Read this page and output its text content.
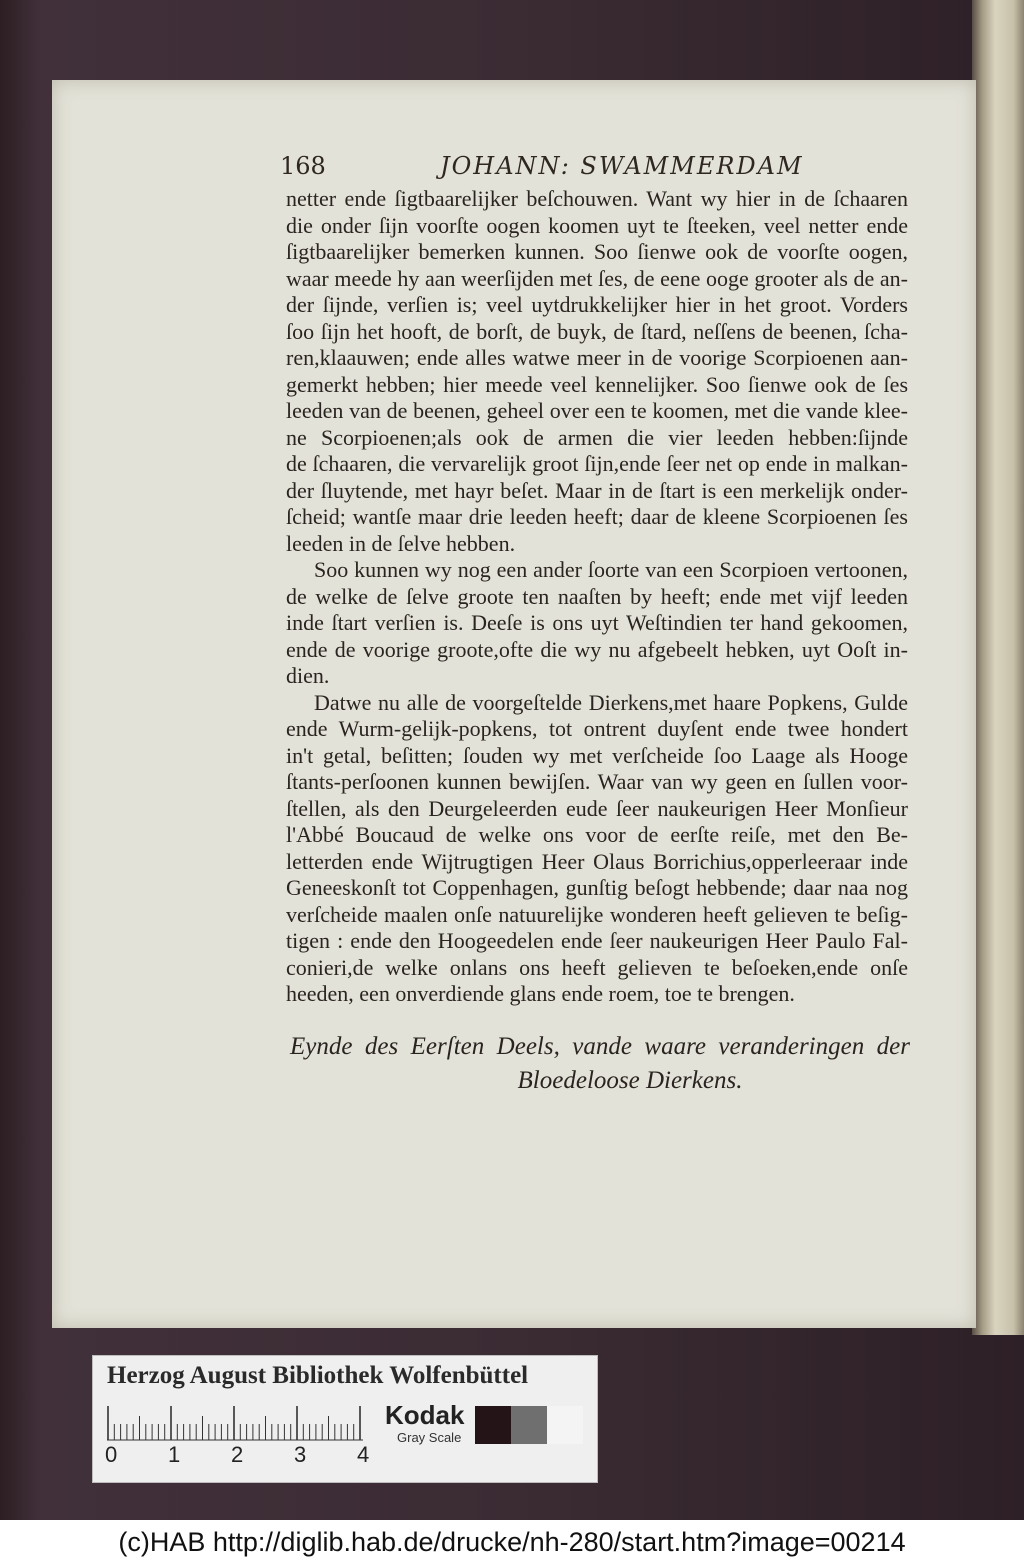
168	JOHANN: SWAMMERDAM
netter ende ſigtbaarelijker beſchouwen. Want wy hier in de ſchaaren
die onder ſijn voorſte oogen koomen uyt te ſteeken, veel netter ende
ſigtbaarelijker bemerken kunnen. Soo ſienwe ook de voorſte oogen,
waar meede hy aan weerſijden met ſes, de eene ooge grooter als de an-
der ſijnde, verſien is; veel uytdrukkelijker hier in het groot. Vorders
ſoo ſijn het hooft, de borſt, de buyk, de ſtard, neſſens de beenen, ſcha-
ren,klaauwen; ende alles watwe meer in de voorige Scorpioenen aan-
gemerkt hebben; hier meede veel kennelijker. Soo ſienwe ook de ſes
leeden van de beenen, geheel over een te koomen, met die vande klee-
ne Scorpioenen;als ook de armen die vier leeden hebben:ſijnde
de ſchaaren, die vervarelijk groot ſijn,ende ſeer net op ende in malkan-
der ſluytende, met hayr beſet. Maar in de ſtart is een merkelijk onder-
ſcheid; wantſe maar drie leeden heeft; daar de kleene Scorpioenen ſes
leeden in de ſelve hebben.
Soo kunnen wy nog een ander ſoorte van een Scorpioen vertoonen,
de welke de ſelve groote ten naaſten by heeft; ende met vijf leeden
inde ſtart verſien is. Deeſe is ons uyt Weſtindien ter hand gekoomen,
ende de voorige groote,ofte die wy nu afgebeelt hebken, uyt Ooſt in-
dien.
Datwe nu alle de voorgeſtelde Dierkens,met haare Popkens, Gulde
ende Wurm-gelijk-popkens, tot ontrent duyſent ende twee hondert
in't getal, beſitten; ſouden wy met verſcheide ſoo Laage als Hooge
ſtants-perſoonen kunnen bewijſen. Waar van wy geen en ſullen voor-
ſtellen, als den Deurgeleerden eude ſeer naukeurigen Heer Monſieur
l'Abbé Boucaud de welke ons voor de eerſte reiſe, met den Be-
letterden ende Wijtrugtigen Heer Olaus Borrichius,opperleeraar inde
Geneeskonſt tot Coppenhagen, gunſtig beſogt hebbende; daar naa nog
verſcheide maalen onſe natuurelijke wonderen heeft gelieven te beſig-
tigen : ende den Hoogeedelen ende ſeer naukeurigen Heer Paulo Fal-
conieri,de welke onlans ons heeft gelieven te beſoeken,ende onſe
heeden, een onverdiende glans ende roem, toe te brengen.
Eynde des Eerſten Deels, vande waare veranderingen der
Bloedeloose Dierkens.
Herzog August Bibliothek Wolfenbüttel
0 1 2 3 4
Kodak
Gray Scale
(c)HAB http://diglib.hab.de/drucke/nh-280/start.htm?image=00214
